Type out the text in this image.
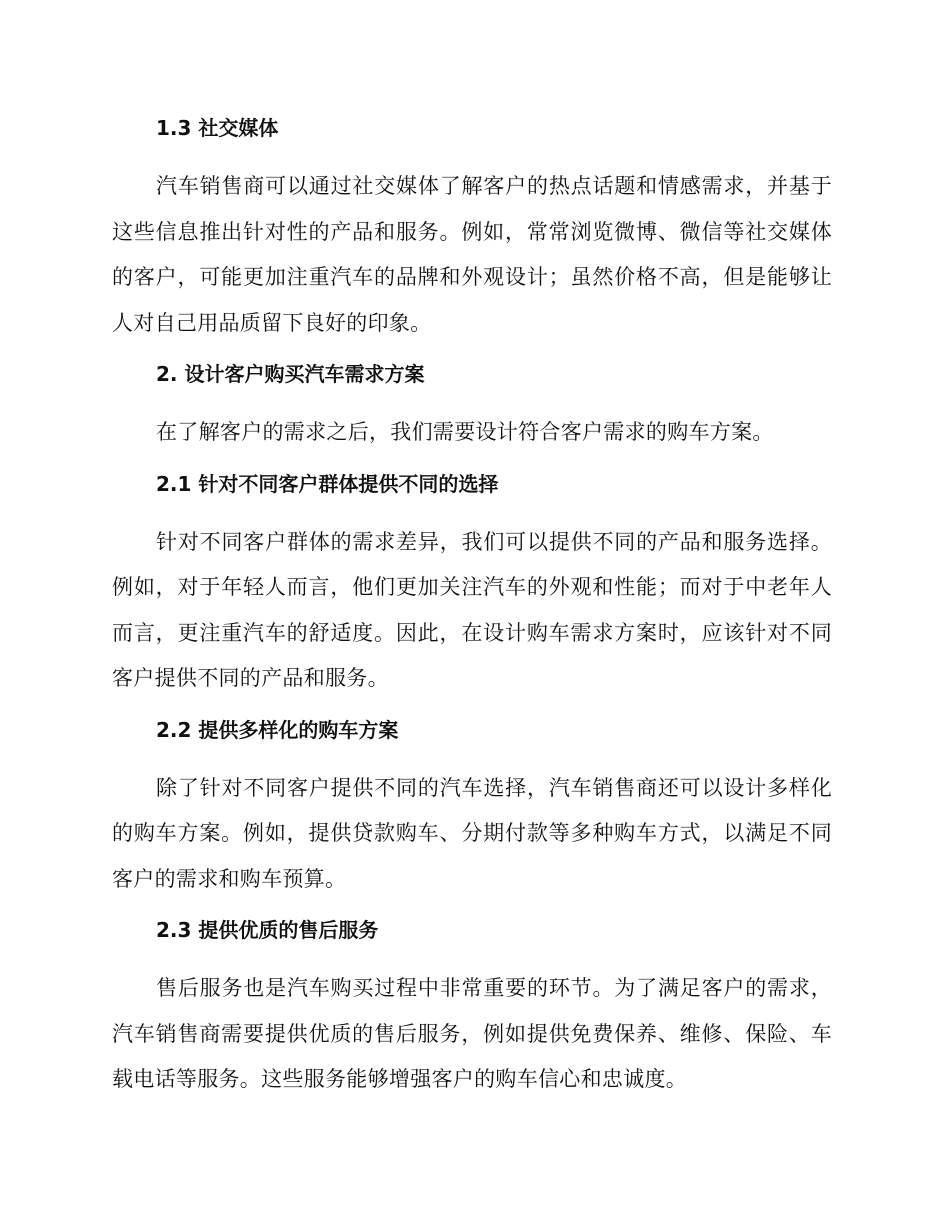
1.3 社交媒体

汽车销售商可以通过社交媒体了解客户的热点话题和情感需求，并基于这些信息推出针对性的产品和服务。例如，常常浏览微博、微信等社交媒体的客户，可能更加注重汽车的品牌和外观设计；虽然价格不高，但是能够让人对自己用品质留下良好的印象。

2. 设计客户购买汽车需求方案

在了解客户的需求之后，我们需要设计符合客户需求的购车方案。

2.1 针对不同客户群体提供不同的选择

针对不同客户群体的需求差异，我们可以提供不同的产品和服务选择。例如，对于年轻人而言，他们更加关注汽车的外观和性能；而对于中老年人而言，更注重汽车的舒适度。因此，在设计购车需求方案时，应该针对不同客户提供不同的产品和服务。

2.2 提供多样化的购车方案

除了针对不同客户提供不同的汽车选择，汽车销售商还可以设计多样化的购车方案。例如，提供贷款购车、分期付款等多种购车方式，以满足不同客户的需求和购车预算。

2.3 提供优质的售后服务

售后服务也是汽车购买过程中非常重要的环节。为了满足客户的需求，汽车销售商需要提供优质的售后服务，例如提供免费保养、维修、保险、车载电话等服务。这些服务能够增强客户的购车信心和忠诚度。
